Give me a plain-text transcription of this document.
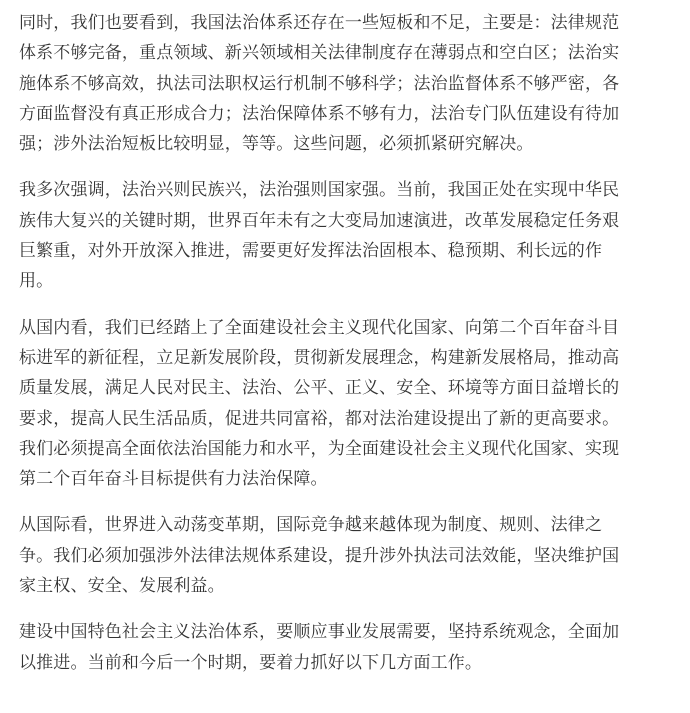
同时，我们也要看到，我国法治体系还存在一些短板和不足，主要是：法律规范
体系不够完备，重点领域、新兴领域相关法律制度存在薄弱点和空白区；法治实
施体系不够高效，执法司法职权运行机制不够科学；法治监督体系不够严密，各
方面监督没有真正形成合力；法治保障体系不够有力，法治专门队伍建设有待加
强；涉外法治短板比较明显，等等。这些问题，必须抓紧研究解决。

我多次强调，法治兴则民族兴，法治强则国家强。当前，我国正处在实现中华民
族伟大复兴的关键时期，世界百年未有之大变局加速演进，改革发展稳定任务艰
巨繁重，对外开放深入推进，需要更好发挥法治固根本、稳预期、利长远的作
用。

从国内看，我们已经踏上了全面建设社会主义现代化国家、向第二个百年奋斗目
标进军的新征程，立足新发展阶段，贯彻新发展理念，构建新发展格局，推动高
质量发展，满足人民对民主、法治、公平、正义、安全、环境等方面日益增长的
要求，提高人民生活品质，促进共同富裕，都对法治建设提出了新的更高要求。
我们必须提高全面依法治国能力和水平，为全面建设社会主义现代化国家、实现
第二个百年奋斗目标提供有力法治保障。

从国际看，世界进入动荡变革期，国际竞争越来越体现为制度、规则、法律之
争。我们必须加强涉外法律法规体系建设，提升涉外执法司法效能，坚决维护国
家主权、安全、发展利益。

建设中国特色社会主义法治体系，要顺应事业发展需要，坚持系统观念，全面加
以推进。当前和今后一个时期，要着力抓好以下几方面工作。
